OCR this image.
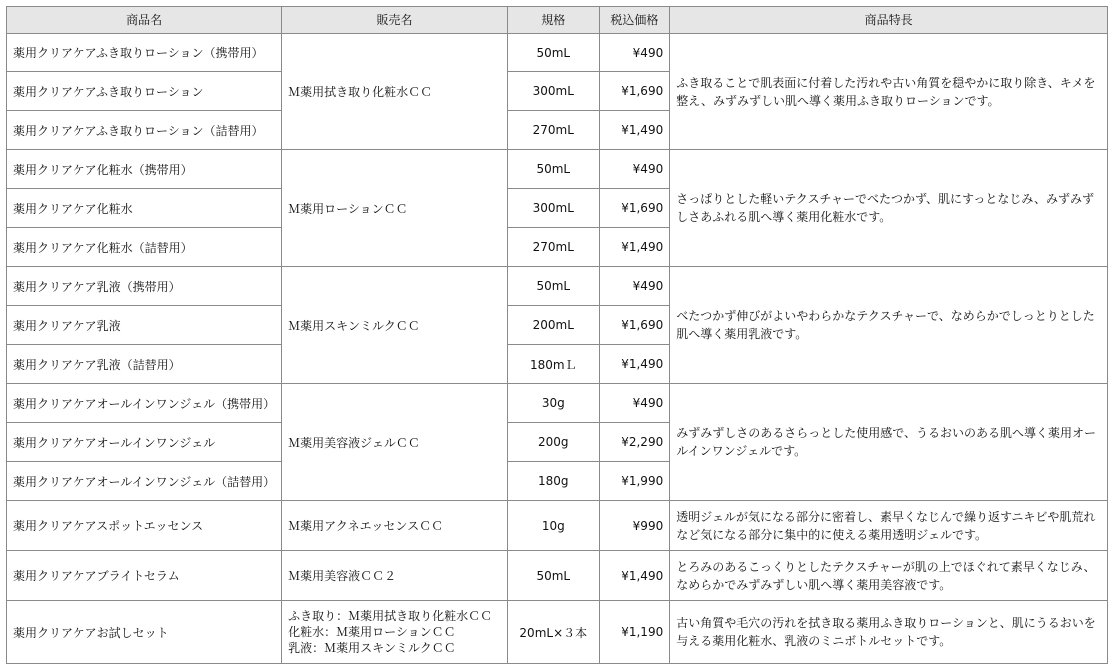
商品名	販売名	規格	税込価格	商品特長
薬用クリアケアふき取りローション（携帯用）	Ｍ薬用拭き取り化粧水ＣＣ	50mL	¥490	ふき取ることで肌表面に付着した汚れや古い角質を穏やかに取り除き、キメを整え、みずみずしい肌へ導く薬用ふき取りローションです。
薬用クリアケアふき取りローション		300mL	¥1,690	
薬用クリアケアふき取りローション（詰替用）		270mL	¥1,490	
薬用クリアケア化粧水（携帯用）	Ｍ薬用ローションＣＣ	50mL	¥490	さっぱりとした軽いテクスチャーでべたつかず、肌にすっとなじみ、みずみずしさあふれる肌へ導く薬用化粧水です。
薬用クリアケア化粧水		300mL	¥1,690	
薬用クリアケア化粧水（詰替用）		270mL	¥1,490	
薬用クリアケア乳液（携帯用）	Ｍ薬用スキンミルクＣＣ	50mL	¥490	べたつかず伸びがよいやわらかなテクスチャーで、なめらかでしっとりとした肌へ導く薬用乳液です。
薬用クリアケア乳液		200mL	¥1,690	
薬用クリアケア乳液（詰替用）		180mＬ	¥1,490	
薬用クリアケアオールインワンジェル（携帯用）	Ｍ薬用美容液ジェルＣＣ	30g	¥490	みずみずしさのあるさらっとした使用感で、うるおいのある肌へ導く薬用オールインワンジェルです。
薬用クリアケアオールインワンジェル		200g	¥2,290	
薬用クリアケアオールインワンジェル（詰替用）		180g	¥1,990	
薬用クリアケアスポットエッセンス	Ｍ薬用アクネエッセンスＣＣ	10g	¥990	透明ジェルが気になる部分に密着し、素早くなじんで繰り返すニキビや肌荒れなど気になる部分に集中的に使える薬用透明ジェルです。
薬用クリアケアブライトセラム	Ｍ薬用美容液ＣＣ２	50mL	¥1,490	とろみのあるこっくりとしたテクスチャーが肌の上でほぐれて素早くなじみ、なめらかでみずみずしい肌へ導く薬用美容液です。
薬用クリアケアお試しセット	ふき取り：Ｍ薬用拭き取り化粧水ＣＣ
化粧水：Ｍ薬用ローションＣＣ
乳液：Ｍ薬用スキンミルクＣＣ	20mL×３本	¥1,190	古い角質や毛穴の汚れを拭き取る薬用ふき取りローションと、肌にうるおいを与える薬用化粧水、乳液のミニボトルセットです。
